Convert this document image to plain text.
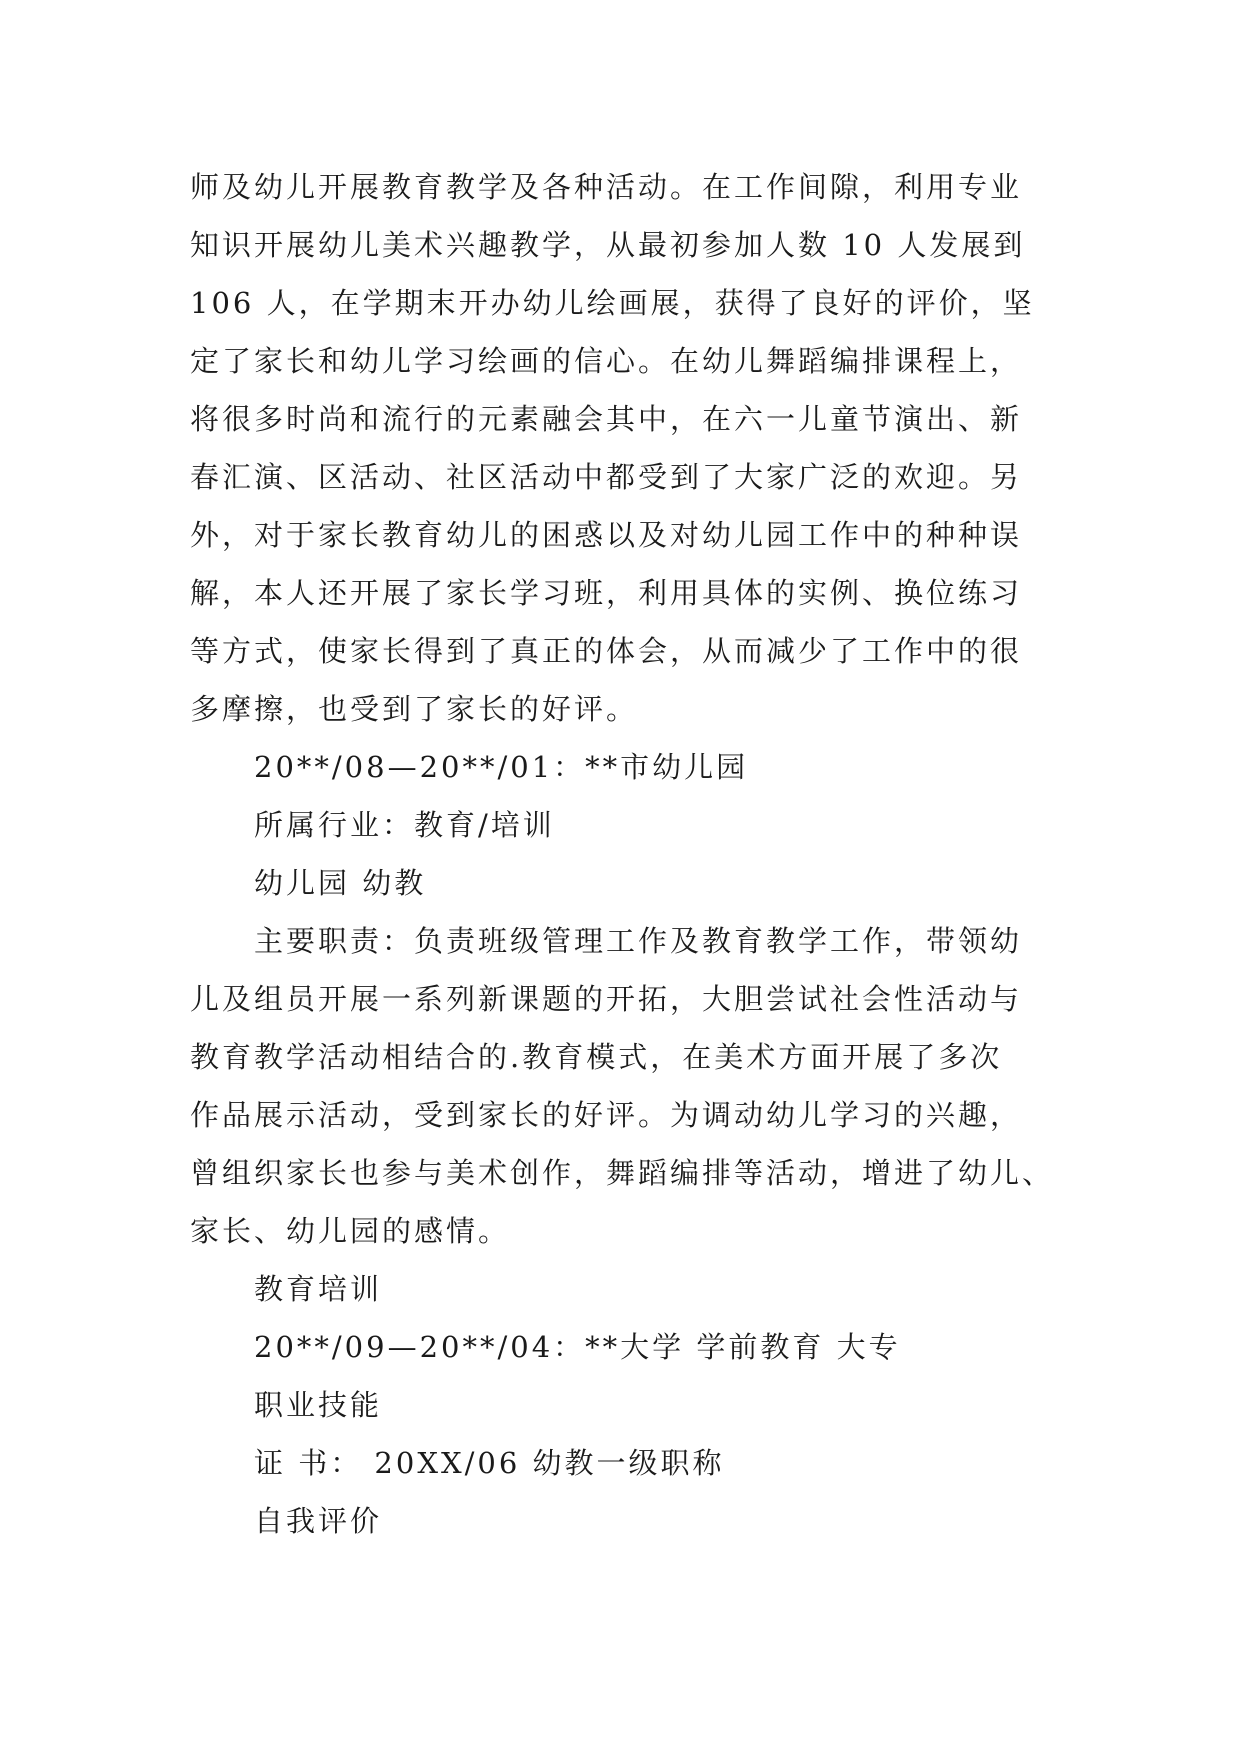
师及幼儿开展教育教学及各种活动。在工作间隙，利用专业
知识开展幼儿美术兴趣教学，从最初参加人数 10 人发展到
106 人，在学期末开办幼儿绘画展，获得了良好的评价，坚
定了家长和幼儿学习绘画的信心。在幼儿舞蹈编排课程上，
将很多时尚和流行的元素融会其中，在六一儿童节演出、新
春汇演、区活动、社区活动中都受到了大家广泛的欢迎。另
外，对于家长教育幼儿的困惑以及对幼儿园工作中的种种误
解，本人还开展了家长学习班，利用具体的实例、换位练习
等方式，使家长得到了真正的体会，从而减少了工作中的很
多摩擦，也受到了家长的好评。
20**/08—20**/01：**市幼儿园
所属行业：教育/培训
幼儿园 幼教
主要职责：负责班级管理工作及教育教学工作，带领幼
儿及组员开展一系列新课题的开拓，大胆尝试社会性活动与
教育教学活动相结合的.教育模式，在美术方面开展了多次
作品展示活动，受到家长的好评。为调动幼儿学习的兴趣，
曾组织家长也参与美术创作，舞蹈编排等活动，增进了幼儿、
家长、幼儿园的感情。
教育培训
20**/09—20**/04：**大学 学前教育 大专
职业技能
证 书： 20XX/06 幼教一级职称
自我评价
